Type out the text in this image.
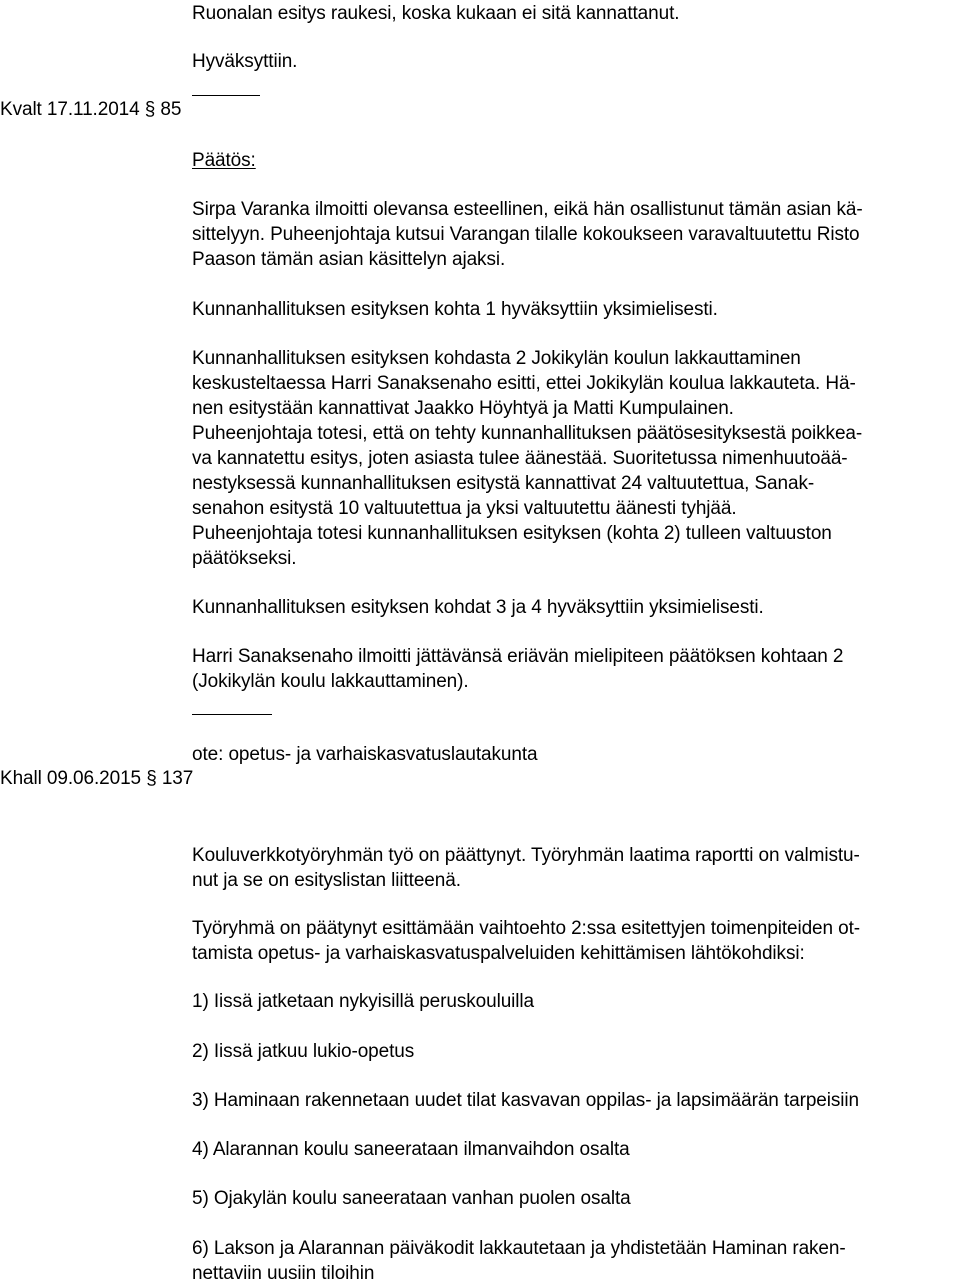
Ruonalan esitys raukesi, koska kukaan ei sitä kannattanut.
Hyväksyttiin.
Kvalt 17.11.2014 § 85
Päätös:
Sirpa Varanka ilmoitti olevansa esteellinen, eikä hän osallistunut tämän asian kä-
sittelyyn. Puheenjohtaja kutsui Varangan tilalle kokoukseen varavaltuutettu Risto
Paason tämän asian käsittelyn ajaksi.
Kunnanhallituksen esityksen kohta 1 hyväksyttiin yksimielisesti.
Kunnanhallituksen esityksen kohdasta 2 Jokikylän koulun lakkauttaminen
keskusteltaessa Harri Sanaksenaho esitti, ettei Jokikylän koulua lakkauteta. Hä-
nen esitystään kannattivat Jaakko Höyhtyä ja Matti Kumpulainen.
Puheenjohtaja totesi, että on tehty kunnanhallituksen päätösesityksestä poikkea-
va kannatettu esitys, joten asiasta tulee äänestää. Suoritetussa nimenhuutoää-
nestyksessä kunnanhallituksen esitystä kannattivat 24 valtuutettua, Sanak-
senahon esitystä 10 valtuutettua ja yksi valtuutettu äänesti tyhjää.
Puheenjohtaja totesi kunnanhallituksen esityksen (kohta 2) tulleen valtuuston
päätökseksi.
Kunnanhallituksen esityksen kohdat 3 ja 4 hyväksyttiin yksimielisesti.
Harri Sanaksenaho ilmoitti jättävänsä eriävän mielipiteen päätöksen kohtaan 2
(Jokikylän koulu lakkauttaminen).
ote: opetus- ja varhaiskasvatuslautakunta
Khall 09.06.2015 § 137
Kouluverkkotyöryhmän työ on päättynyt. Työryhmän laatima raportti on valmistu-
nut ja se on esityslistan liitteenä.
Työryhmä on päätynyt esittämään vaihtoehto 2:ssa esitettyjen toimenpiteiden ot-
tamista opetus- ja varhaiskasvatuspalveluiden kehittämisen lähtökohdiksi:
1) Iissä jatketaan nykyisillä peruskouluilla
2) Iissä jatkuu lukio-opetus
3) Haminaan rakennetaan uudet tilat kasvavan oppilas- ja lapsimäärän tarpeisiin
4) Alarannan koulu saneerataan ilmanvaihdon osalta
5) Ojakylän koulu saneerataan vanhan puolen osalta
6) Lakson ja Alarannan päiväkodit lakkautetaan ja yhdistetään Haminan raken-
nettaviin uusiin tiloihin
